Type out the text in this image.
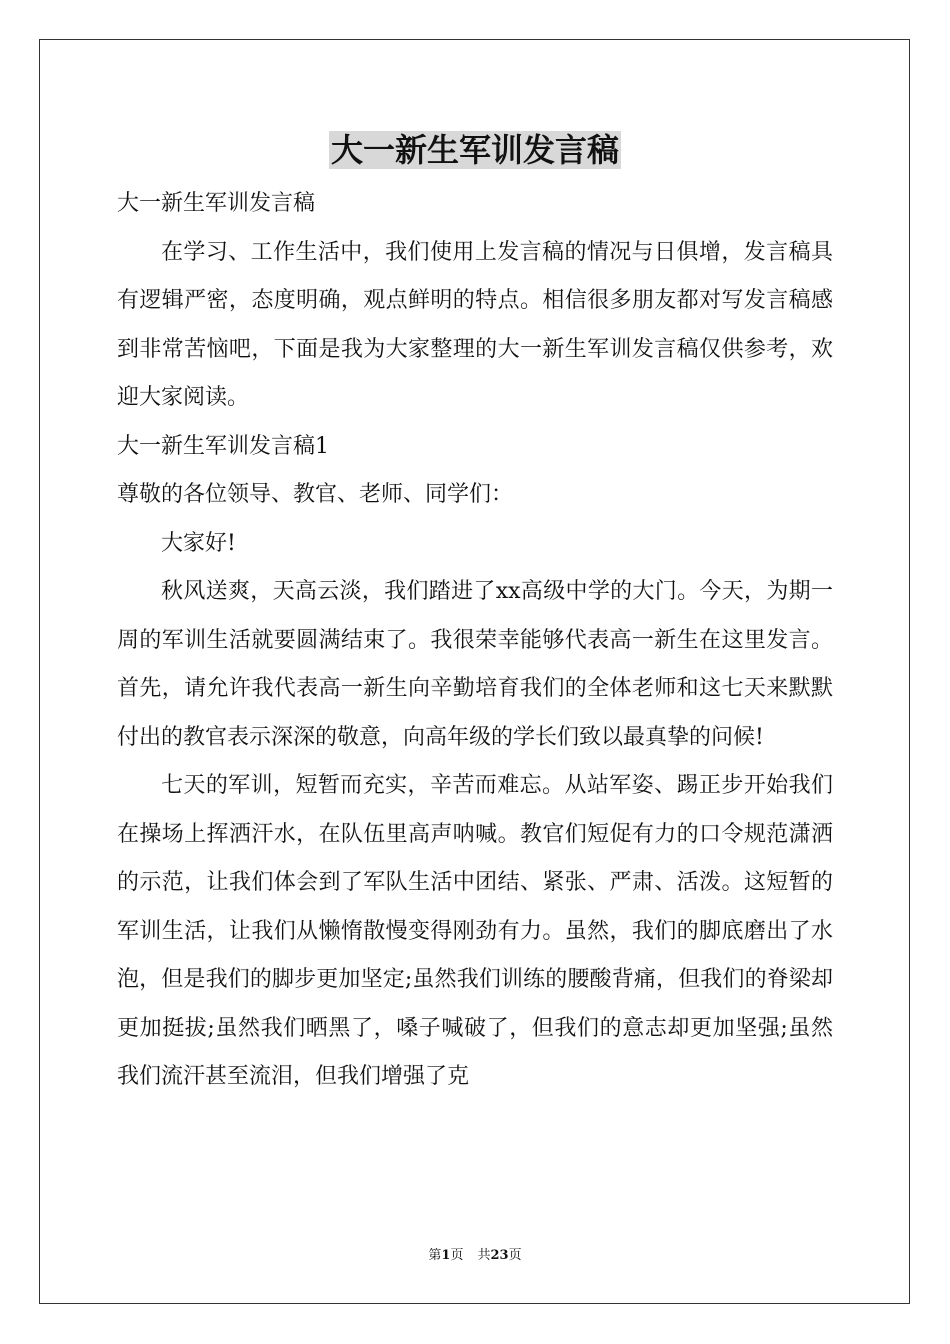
大一新生军训发言稿

大一新生军训发言稿

在学习、工作生活中，我们使用上发言稿的情况与日俱增，发言稿具有逻辑严密，态度明确，观点鲜明的特点。相信很多朋友都对写发言稿感到非常苦恼吧，下面是我为大家整理的大一新生军训发言稿仅供参考，欢迎大家阅读。

大一新生军训发言稿1

尊敬的各位领导、教官、老师、同学们：

大家好!

秋风送爽，天高云淡，我们踏进了xx高级中学的大门。今天，为期一周的军训生活就要圆满结束了。我很荣幸能够代表高一新生在这里发言。首先，请允许我代表高一新生向辛勤培育我们的全体老师和这七天来默默付出的教官表示深深的敬意，向高年级的学长们致以最真挚的问候!

七天的军训，短暂而充实，辛苦而难忘。从站军姿、踢正步开始我们在操场上挥洒汗水，在队伍里高声呐喊。教官们短促有力的口令规范潇洒的示范，让我们体会到了军队生活中团结、紧张、严肃、活泼。这短暂的军训生活，让我们从懒惰散慢变得刚劲有力。虽然，我们的脚底磨出了水泡，但是我们的脚步更加坚定;虽然我们训练的腰酸背痛，但我们的脊梁却更加挺拔;虽然我们晒黑了，嗓子喊破了，但我们的意志却更加坚强;虽然我们流汗甚至流泪，但我们增强了克

第1页 共23页
